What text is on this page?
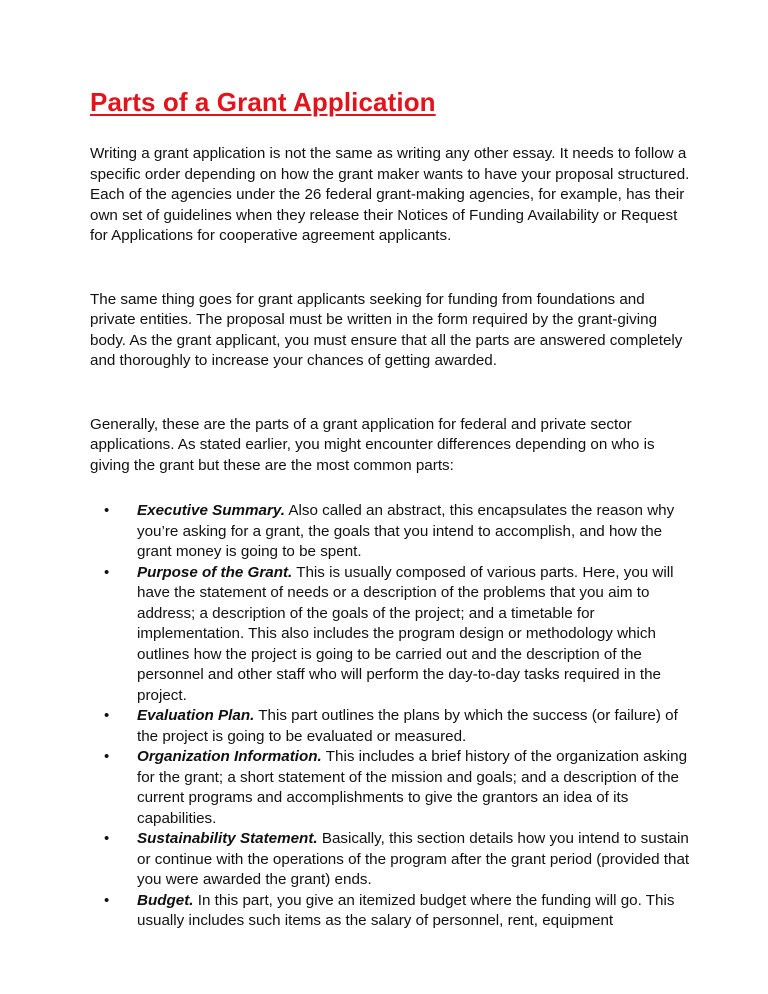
Parts of a Grant Application

Writing a grant application is not the same as writing any other essay. It needs to follow a specific order depending on how the grant maker wants to have your proposal structured. Each of the agencies under the 26 federal grant-making agencies, for example, has their own set of guidelines when they release their Notices of Funding Availability or Request for Applications for cooperative agreement applicants.

The same thing goes for grant applicants seeking for funding from foundations and private entities. The proposal must be written in the form required by the grant-giving body. As the grant applicant, you must ensure that all the parts are answered completely and thoroughly to increase your chances of getting awarded.

Generally, these are the parts of a grant application for federal and private sector applications. As stated earlier, you might encounter differences depending on who is giving the grant but these are the most common parts:

• Executive Summary. Also called an abstract, this encapsulates the reason why you’re asking for a grant, the goals that you intend to accomplish, and how the grant money is going to be spent.
• Purpose of the Grant. This is usually composed of various parts. Here, you will have the statement of needs or a description of the problems that you aim to address; a description of the goals of the project; and a timetable for implementation. This also includes the program design or methodology which outlines how the project is going to be carried out and the description of the personnel and other staff who will perform the day-to-day tasks required in the project.
• Evaluation Plan. This part outlines the plans by which the success (or failure) of the project is going to be evaluated or measured.
• Organization Information. This includes a brief history of the organization asking for the grant; a short statement of the mission and goals; and a description of the current programs and accomplishments to give the grantors an idea of its capabilities.
• Sustainability Statement. Basically, this section details how you intend to sustain or continue with the operations of the program after the grant period (provided that you were awarded the grant) ends.
• Budget. In this part, you give an itemized budget where the funding will go. This usually includes such items as the salary of personnel, rent, equipment
